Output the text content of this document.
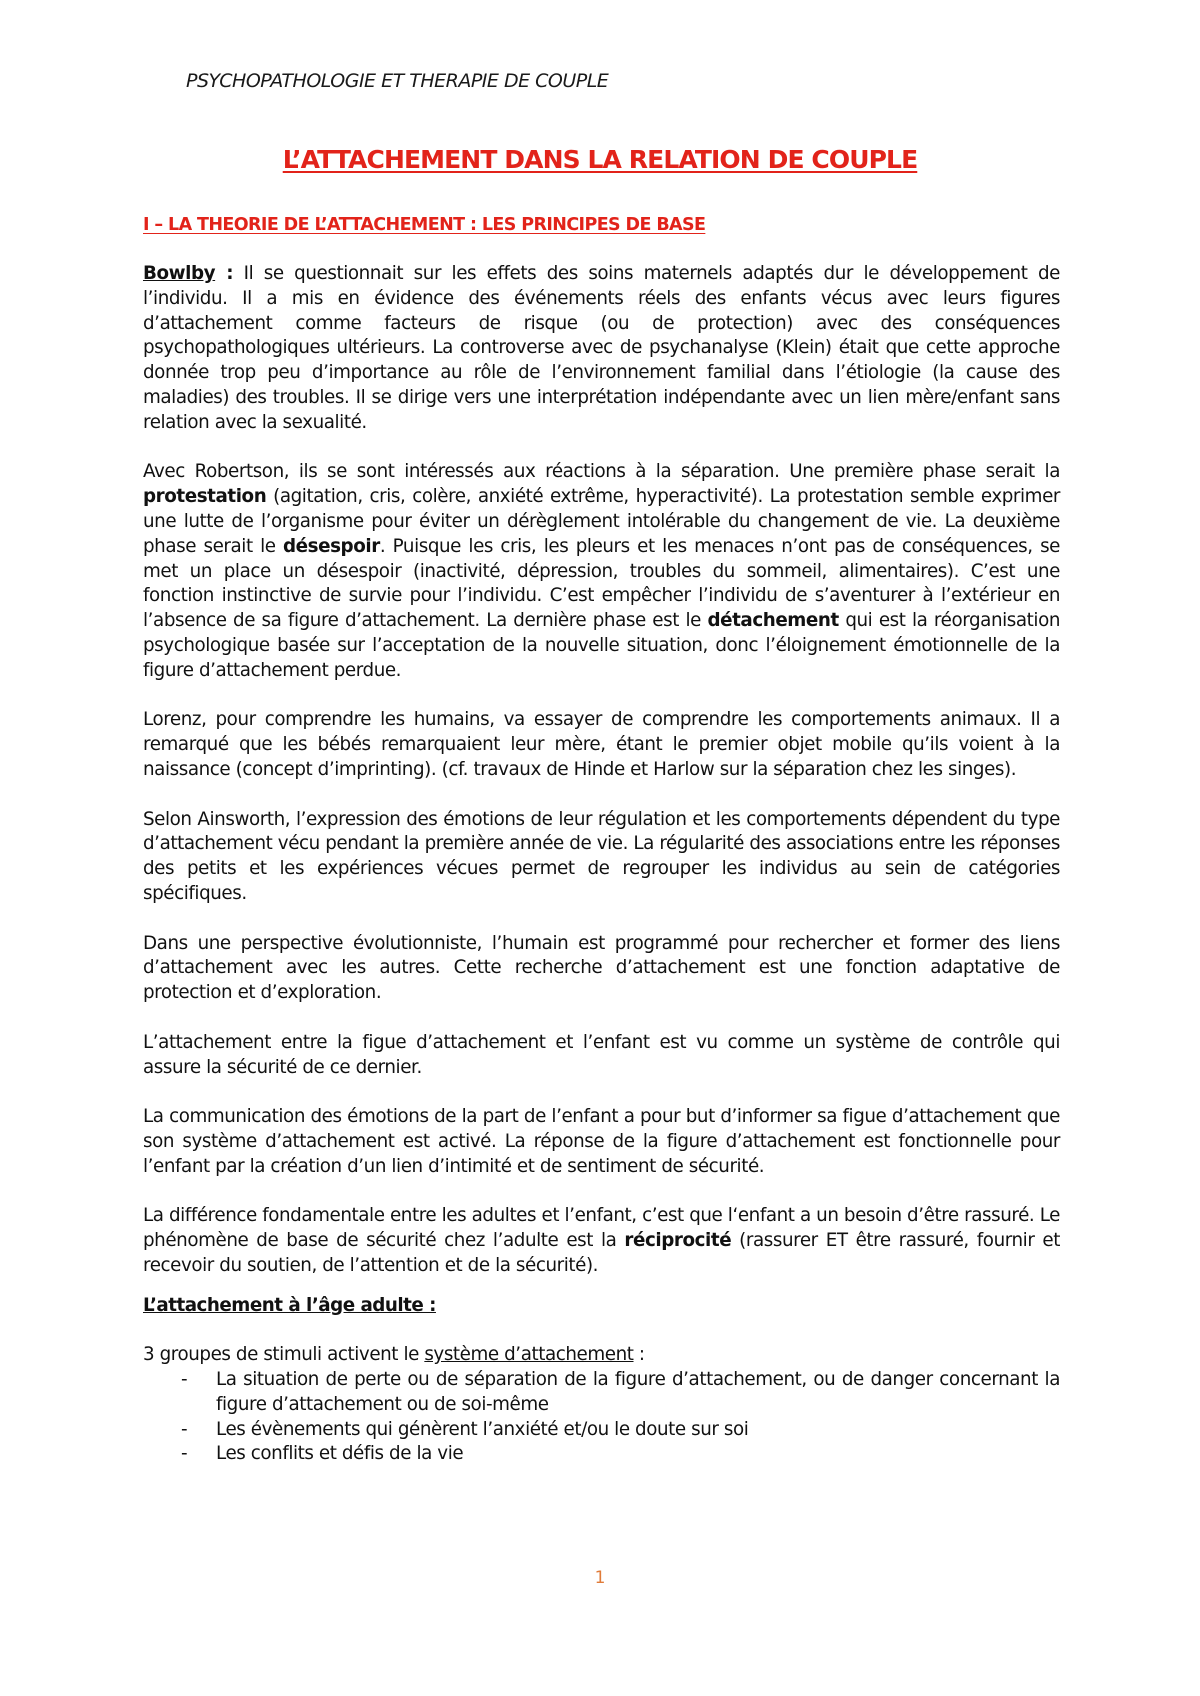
PSYCHOPATHOLOGIE ET THERAPIE DE COUPLE
L’ATTACHEMENT DANS LA RELATION DE COUPLE
I – LA THEORIE DE L’ATTACHEMENT : LES PRINCIPES DE BASE

Bowlby : Il se questionnait sur les effets des soins maternels adaptés dur le développement de l’individu. Il a mis en évidence des événements réels des enfants vécus avec leurs figures d’attachement comme facteurs de risque (ou de protection) avec des conséquences psychopathologiques ultérieurs. La controverse avec de psychanalyse (Klein) était que cette approche donnée trop peu d’importance au rôle de l’environnement familial dans l’étiologie (la cause des maladies) des troubles. Il se dirige vers une interprétation indépendante avec un lien mère/enfant sans relation avec la sexualité.

Avec Robertson, ils se sont intéressés aux réactions à la séparation. Une première phase serait la protestation (agitation, cris, colère, anxiété extrême, hyperactivité). La protestation semble exprimer une lutte de l’organisme pour éviter un dérèglement intolérable du changement de vie. La deuxième phase serait le désespoir. Puisque les cris, les pleurs et les menaces n’ont pas de conséquences, se met un place un désespoir (inactivité, dépression, troubles du sommeil, alimentaires). C’est une fonction instinctive de survie pour l’individu. C’est empêcher l’individu de s’aventurer à l’extérieur en l’absence de sa figure d’attachement. La dernière phase est le détachement qui est la réorganisation psychologique basée sur l’acceptation de la nouvelle situation, donc l’éloignement émotionnelle de la figure d’attachement perdue.

Lorenz, pour comprendre les humains, va essayer de comprendre les comportements animaux. Il a remarqué que les bébés remarquaient leur mère, étant le premier objet mobile qu’ils voient à la naissance (concept d’imprinting). (cf. travaux de Hinde et Harlow sur la séparation chez les singes).

Selon Ainsworth, l’expression des émotions de leur régulation et les comportements dépendent du type d’attachement vécu pendant la première année de vie. La régularité des associations entre les réponses des petits et les expériences vécues permet de regrouper les individus au sein de catégories spécifiques.

Dans une perspective évolutionniste, l’humain est programmé pour rechercher et former des liens d’attachement avec les autres. Cette recherche d’attachement est une fonction adaptative de protection et d’exploration.

L’attachement entre la figue d’attachement et l’enfant est vu comme un système de contrôle qui assure la sécurité de ce dernier.

La communication des émotions de la part de l’enfant a pour but d’informer sa figue d’attachement que son système d’attachement est activé. La réponse de la figure d’attachement est fonctionnelle pour l’enfant par la création d’un lien d’intimité et de sentiment de sécurité.

La différence fondamentale entre les adultes et l’enfant, c’est que l‘enfant a un besoin d’être rassuré. Le phénomène de base de sécurité chez l’adulte est la réciprocité (rassurer ET être rassuré, fournir et recevoir du soutien, de l’attention et de la sécurité).

L’attachement à l’âge adulte :
3 groupes de stimuli activent le système d’attachement :
- La situation de perte ou de séparation de la figure d’attachement, ou de danger concernant la figure d’attachement ou de soi-même
- Les évènements qui génèrent l’anxiété et/ou le doute sur soi
- Les conflits et défis de la vie
1
